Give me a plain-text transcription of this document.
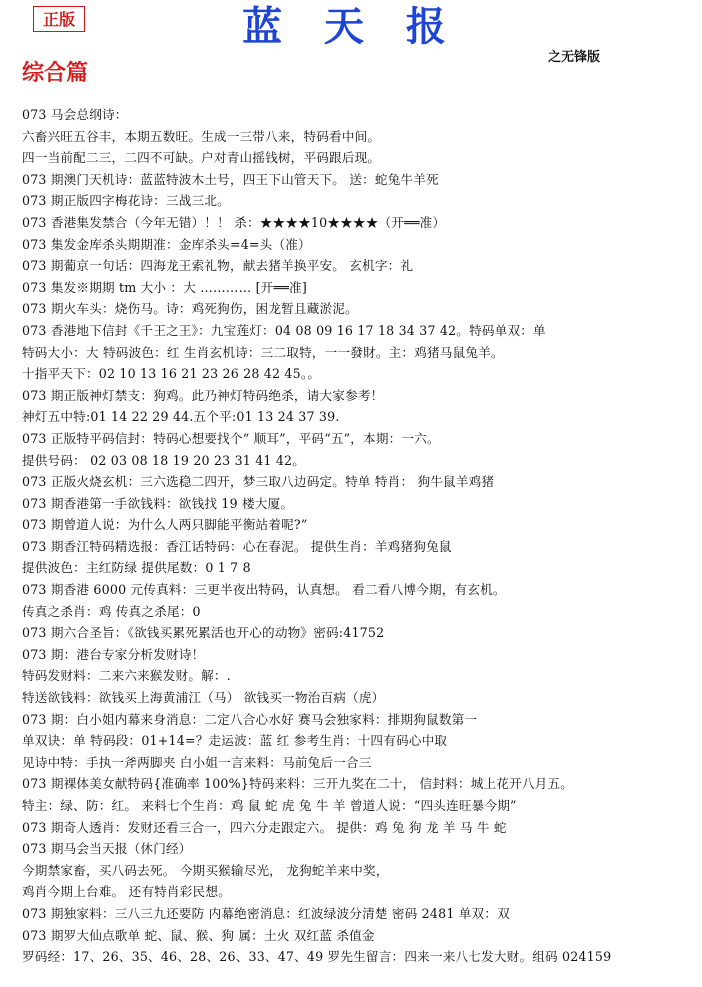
正版	蓝 天 报
之无锋版
综合篇
073 马会总纲诗：
六畜兴旺五谷丰，本期五数旺。生成一三带八来，特码看中间。
四一当前配二三，二四不可缺。户对青山摇钱树，平码跟后现。
073 期澳门天机诗：蓝蓝特波木土号，四王下山管天下。 送：蛇兔牛羊死
073 期正版四字梅花诗：三战三北。
073 香港集发禁合（今年无错）！！ 杀：★★★★10★★★★（开══准）
073 集发金库杀头期期准：金库杀头=4=头（准）
073 期葡京一句话：四海龙王索礼物，献去猪羊换平安。 玄机字：礼
073 集发※期期 tm 大小 ：大 ………… [开══准]
073 期火车头：烧伤马。诗：鸡死狗伤，困龙暂且藏淤泥。
073 香港地下信封《千王之王》：九宝莲灯：04 08 09 16 17 18 34 37 42。特码单双：单
特码大小：大 特码波色：红 生肖玄机诗：三二取特，一一發財。主：鸡猪马鼠兔羊。
十指平天下：02 10 13 16 21 23 26 28 42 45。。
073 期正版神灯禁支：狗鸡。此乃神灯特码绝杀，请大家参考！
神灯五中特:01 14 22 29 44.五个平:01 13 24 37 39.
073 正版特平码信封：特码心想要找个“ 顺耳”，平码“五”，本期：一六。
提供号码： 02 03 08 18 19 20 23 31 41 42。
073 正版火烧玄机：三六选稳二四开，梦三取八边码定。特单 特肖： 狗牛鼠羊鸡猪
073 期香港第一手欲钱料：欲钱找 19 楼大厦。
073 期曾道人说：为什么人两只脚能平衡站着呢?”
073 期香江特码精选报：香江话特码：心在春泥。 提供生肖：羊鸡猪狗兔鼠
提供波色：主红防绿 提供尾数：0 1 7 8
073 期香港 6000 元传真料：三更半夜出特码，认真想。 看二看八博今期，有玄机。
传真之杀肖：鸡 传真之杀尾：0
073 期六合圣旨：《欲钱买累死累活也开心的动物》密码:41752
073 期：港台专家分析发财诗！
特码发财料：二来六来猴发财。解：.
特送欲钱料：欲钱买上海黄浦江（马） 欲钱买一物治百病（虎）
073 期：白小姐内幕来身消息：二定八合心水好 赛马会独家料：排期狗鼠数第一
单双诀：单 特码段：01+14=？走运波：蓝 红 参考生肖：十四有码心中取
见诗中特：手执一斧两脚夹 白小姐一言来料：马前兔后一合三
073 期裸体美女献特码{准确率 100%}特码来料：三开九奖在二十， 信封料：城上花开八月五。
特主：绿、防：红。 来料七个生肖：鸡 鼠 蛇 虎 兔 牛 羊 曾道人说：“四头连旺暴今期”
073 期奇人透肖：发财还看三合一，四六分走跟定六。 提供：鸡 兔 狗 龙 羊 马 牛 蛇
073 期马会当天报（休门经）
今期禁家畜，买八码去死。 今期买猴输尽光， 龙狗蛇羊来中奖，
鸡肖今期上台难。 还有特肖彩民想。
073 期独家料：三八三九还要防 内幕绝密消息：红波绿波分清楚 密码 2481 单双：双
073 期罗大仙点歌单 蛇、鼠、猴、狗 属：土火 双红蓝 杀值金
罗码经：17、26、35、46、28、26、33、47、49 罗先生留言：四来一来八七发大财。组码 024159
